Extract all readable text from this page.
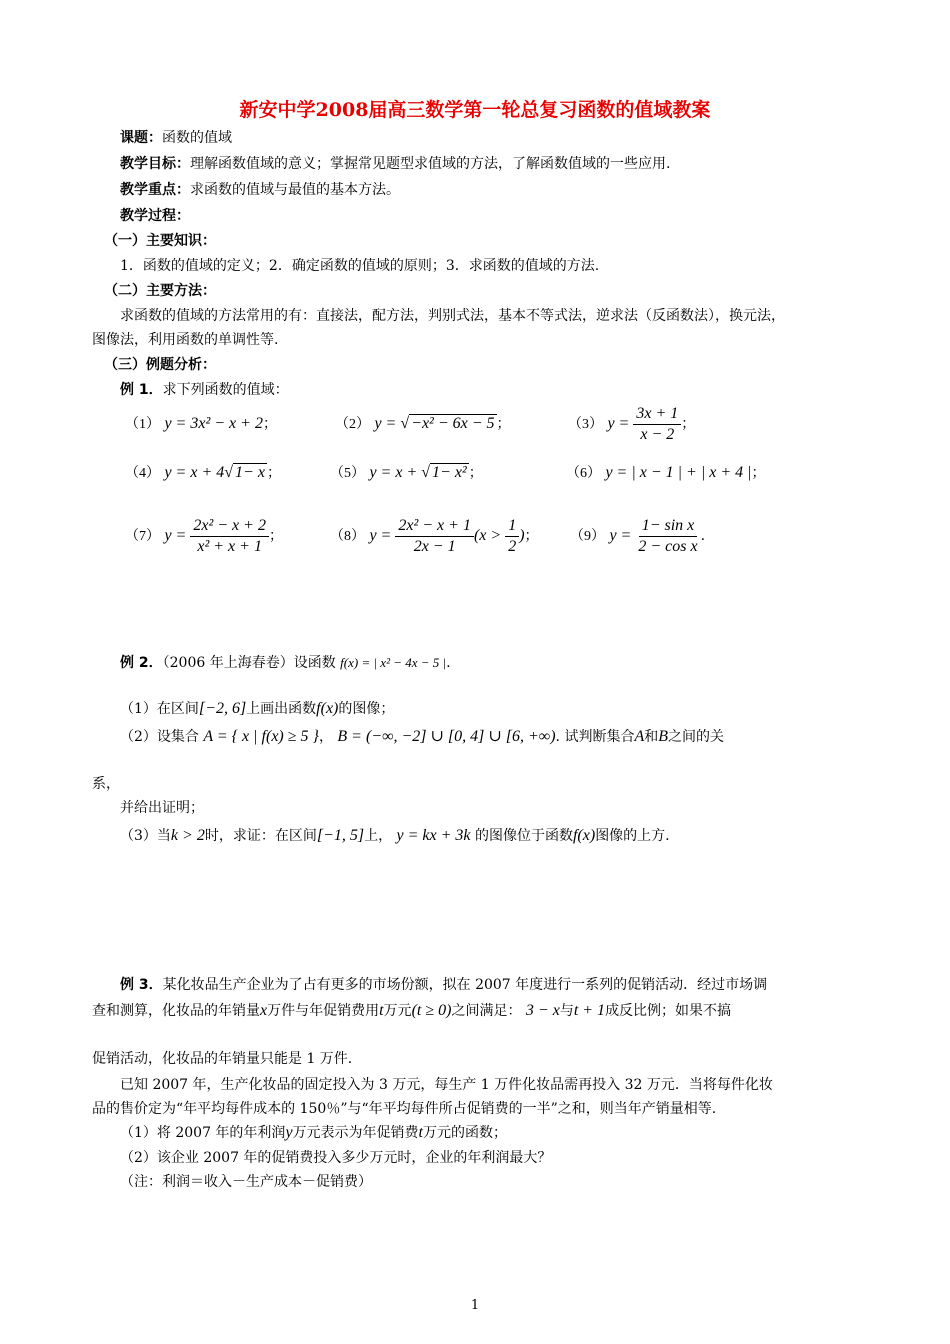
新安中学2008届高三数学第一轮总复习函数的值域教案
课题：函数的值域
教学目标：理解函数值域的意义；掌握常见题型求值域的方法，了解函数值域的一些应用.
教学重点：求函数的值域与最值的基本方法。
教学过程：
（一）主要知识：
1．函数的值域的定义；2．确定函数的值域的原则；3．求函数的值域的方法.
（二）主要方法：
求函数的值域的方法常用的有：直接法，配方法，判别式法，基本不等式法，逆求法（反函数法），换元法，
图像法，利用函数的单调性等.
（三）例题分析：
例 1．求下列函数的值域：
（1） y = 3x² − x + 2；	（2） y = √ −x² − 6x − 5 ；	（3） $y = \frac{3x + 1}{x - 2}$ ；
（4） y = x + 4√ 1− x ；	（5） y = x + √ 1− x² ；	（6） y = | x − 1 | + | x + 4 |；
（7） $y = \frac{\text{2x² − x + 2}}{\text{x² + x + 1}}$ ；	（8） $y = \frac{\text{2x² − x + 1}}{2x - 1} (x > \frac{1}{2}$ )； （9） $y = \frac{\text{1− sin x}}{\text{2 − cos x}}$ .
例 2．（2006 年上海春卷）设函数 f(x) = | x² − 4x − 5 |.
（1）在区间[−2, 6]上画出函数f(x)的图像；
（2）设集合 A = { x | f(x) ≥ 5 }， B = (−∞, −2] ∪ [0, 4] ∪ [6, +∞). 试判断集合A和B之间的关
系，
并给出证明；
（3）当k > 2时，求证：在区间[−1, 5]上， y = kx + 3k 的图像位于函数f(x)图像的上方.
例 3．某化妆品生产企业为了占有更多的市场份额，拟在 2007 年度进行一系列的促销活动．经过市场调
查和测算，化妆品的年销量x万件与年促销费用t万元(t ≥ 0)之间满足： 3 − x与t + 1成反比例；如果不搞
促销活动，化妆品的年销量只能是 1 万件.
已知 2007 年，生产化妆品的固定投入为 3 万元，每生产 1 万件化妆品需再投入 32 万元．当将每件化妆
品的售价定为“年平均每件成本的 150％”与“年平均每件所占促销费的一半”之和，则当年产销量相等.
（1）将 2007 年的年利润y万元表示为年促销费t万元的函数；
（2）该企业 2007 年的促销费投入多少万元时，企业的年利润最大？
（注：利润＝收入－生产成本－促销费）
1
